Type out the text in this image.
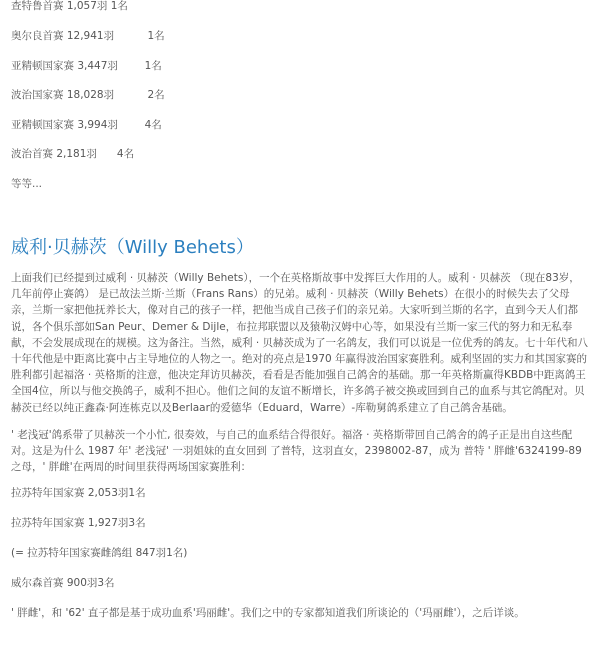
查特鲁首赛 1,057羽 1名
奥尔良首赛 12,941羽          1名
亚精顿国家赛 3,447羽        1名
波治国家赛 18,028羽          2名
亚精顿国家赛 3,994羽        4名
波治首赛 2,181羽      4名
等等...
威利·贝赫茨（Willy Behets）

上面我们已经提到过威利 · 贝赫茨（Willy Behets），一个在英格斯故事中发挥巨大作用的人。威利 · 贝赫茨 （现在83岁，几年前停止赛鸽） 是已故法兰斯·兰斯（Frans Rans）的兄弟。威利 · 贝赫茨（Willy Behets）在很小的时候失去了父母亲，兰斯一家把他抚养长大，像对自己的孩子一样，把他当成自己孩子们的亲兄弟。大家听到兰斯的名字，直到今天人们都说，各个俱乐部如San Peur、Demer & Dijle，布拉邦联盟以及猿勒汉姆中心等，如果没有兰斯一家三代的努力和无私奉献，不会发展成现在的规模。这为备注。当然，威利 · 贝赫茨成为了一名鸽友，我们可以说是一位优秀的鸽友。七十年代和八十年代他是中距离比赛中占主导地位的人物之一。绝对的亮点是1970 年赢得波治国家赛胜利。威利坚固的实力和其国家赛的胜利都引起福洛 · 英格斯的注意，他决定拜访贝赫茨，看看是否能加强自己鸽舍的基础。那一年英格斯赢得KBDB中距离鸽王全国4位，所以与他交换鸽子，威利不担心。他们之间的友谊不断增长，许多鸽子被交换或回到自己的血系与其它鸽配对。贝赫茨已经以纯正鑫森·阿连栋克以及Berlaar的爱德华（Eduard，Warre）-库勒舅鸽系建立了自己鸽舍基础。

' 老浅冠'鸽系带了贝赫茨一个小忙, 很奏效，与自己的血系结合得很好。福洛 · 英格斯带回自己鸽舍的鸽子正是出自这些配对。这是为什么 1987 年' 老浅冠' 一羽姐妹的直女回到 了普特，这羽直女，2398002-87，成为 普特 ' 胖雌'6324199-89之母，' 胖雌'在两周的时间里获得两场国家赛胜利：

拉苏特年国家赛 2,053羽1名
拉苏特年国家赛 1,927羽3名
(= 拉苏特年国家赛雌鸽组 847羽1名)
威尔森首赛 900羽3名
' 胖雌'，和 '62' 直子都是基于成功血系'玛丽雌'。我们之中的专家都知道我们所谈论的（'玛丽雌'），之后详谈。
